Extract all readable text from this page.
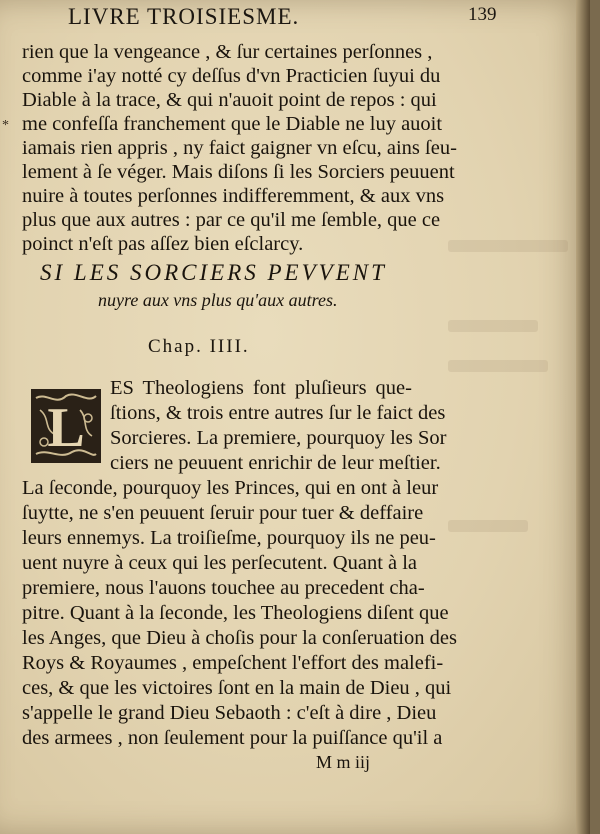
LIVRE TROISIESME.	139
*
rien que la vengeance , & ſur certaines perſonnes ,
comme i'ay notté cy deſſus d'vn Practicien ſuyui du
Diable à la trace, & qui n'auoit point de repos : qui
me confeſſa franchement que le Diable ne luy auoit
iamais rien appris , ny faict gaigner vn eſcu, ains ſeu-
lement à ſe véger. Mais diſons ſi les Sorciers peuuent
nuire à toutes perſonnes indifferemment, & aux vns
plus que aux autres : par ce qu'il me ſemble, que ce
poinct n'eſt pas aſſez bien eſclarcy.
SI LES SORCIERS PEVVENT
nuyre aux vns plus qu'aux autres.
Chap. IIII.
L
ES Theologiens font pluſieurs que-
ſtions, & trois entre autres ſur le faict des
Sorcieres. La premiere, pourquoy les Sor
ciers ne peuuent enrichir de leur meſtier.
La ſeconde, pourquoy les Princes, qui en ont à leur
ſuytte, ne s'en peuuent ſeruir pour tuer & deffaire
leurs ennemys. La troiſieſme, pourquoy ils ne peu-
uent nuyre à ceux qui les perſecutent. Quant à la
premiere, nous l'auons touchee au precedent cha-
pitre. Quant à la ſeconde, les Theologiens diſent que
les Anges, que Dieu à choſis pour la conſeruation des
Roys & Royaumes , empeſchent l'effort des malefi-
ces, & que les victoires ſont en la main de Dieu , qui
s'appelle le grand Dieu Sebaoth : c'eſt à dire , Dieu
des armees , non ſeulement pour la puiſſance qu'il a
M m iij
